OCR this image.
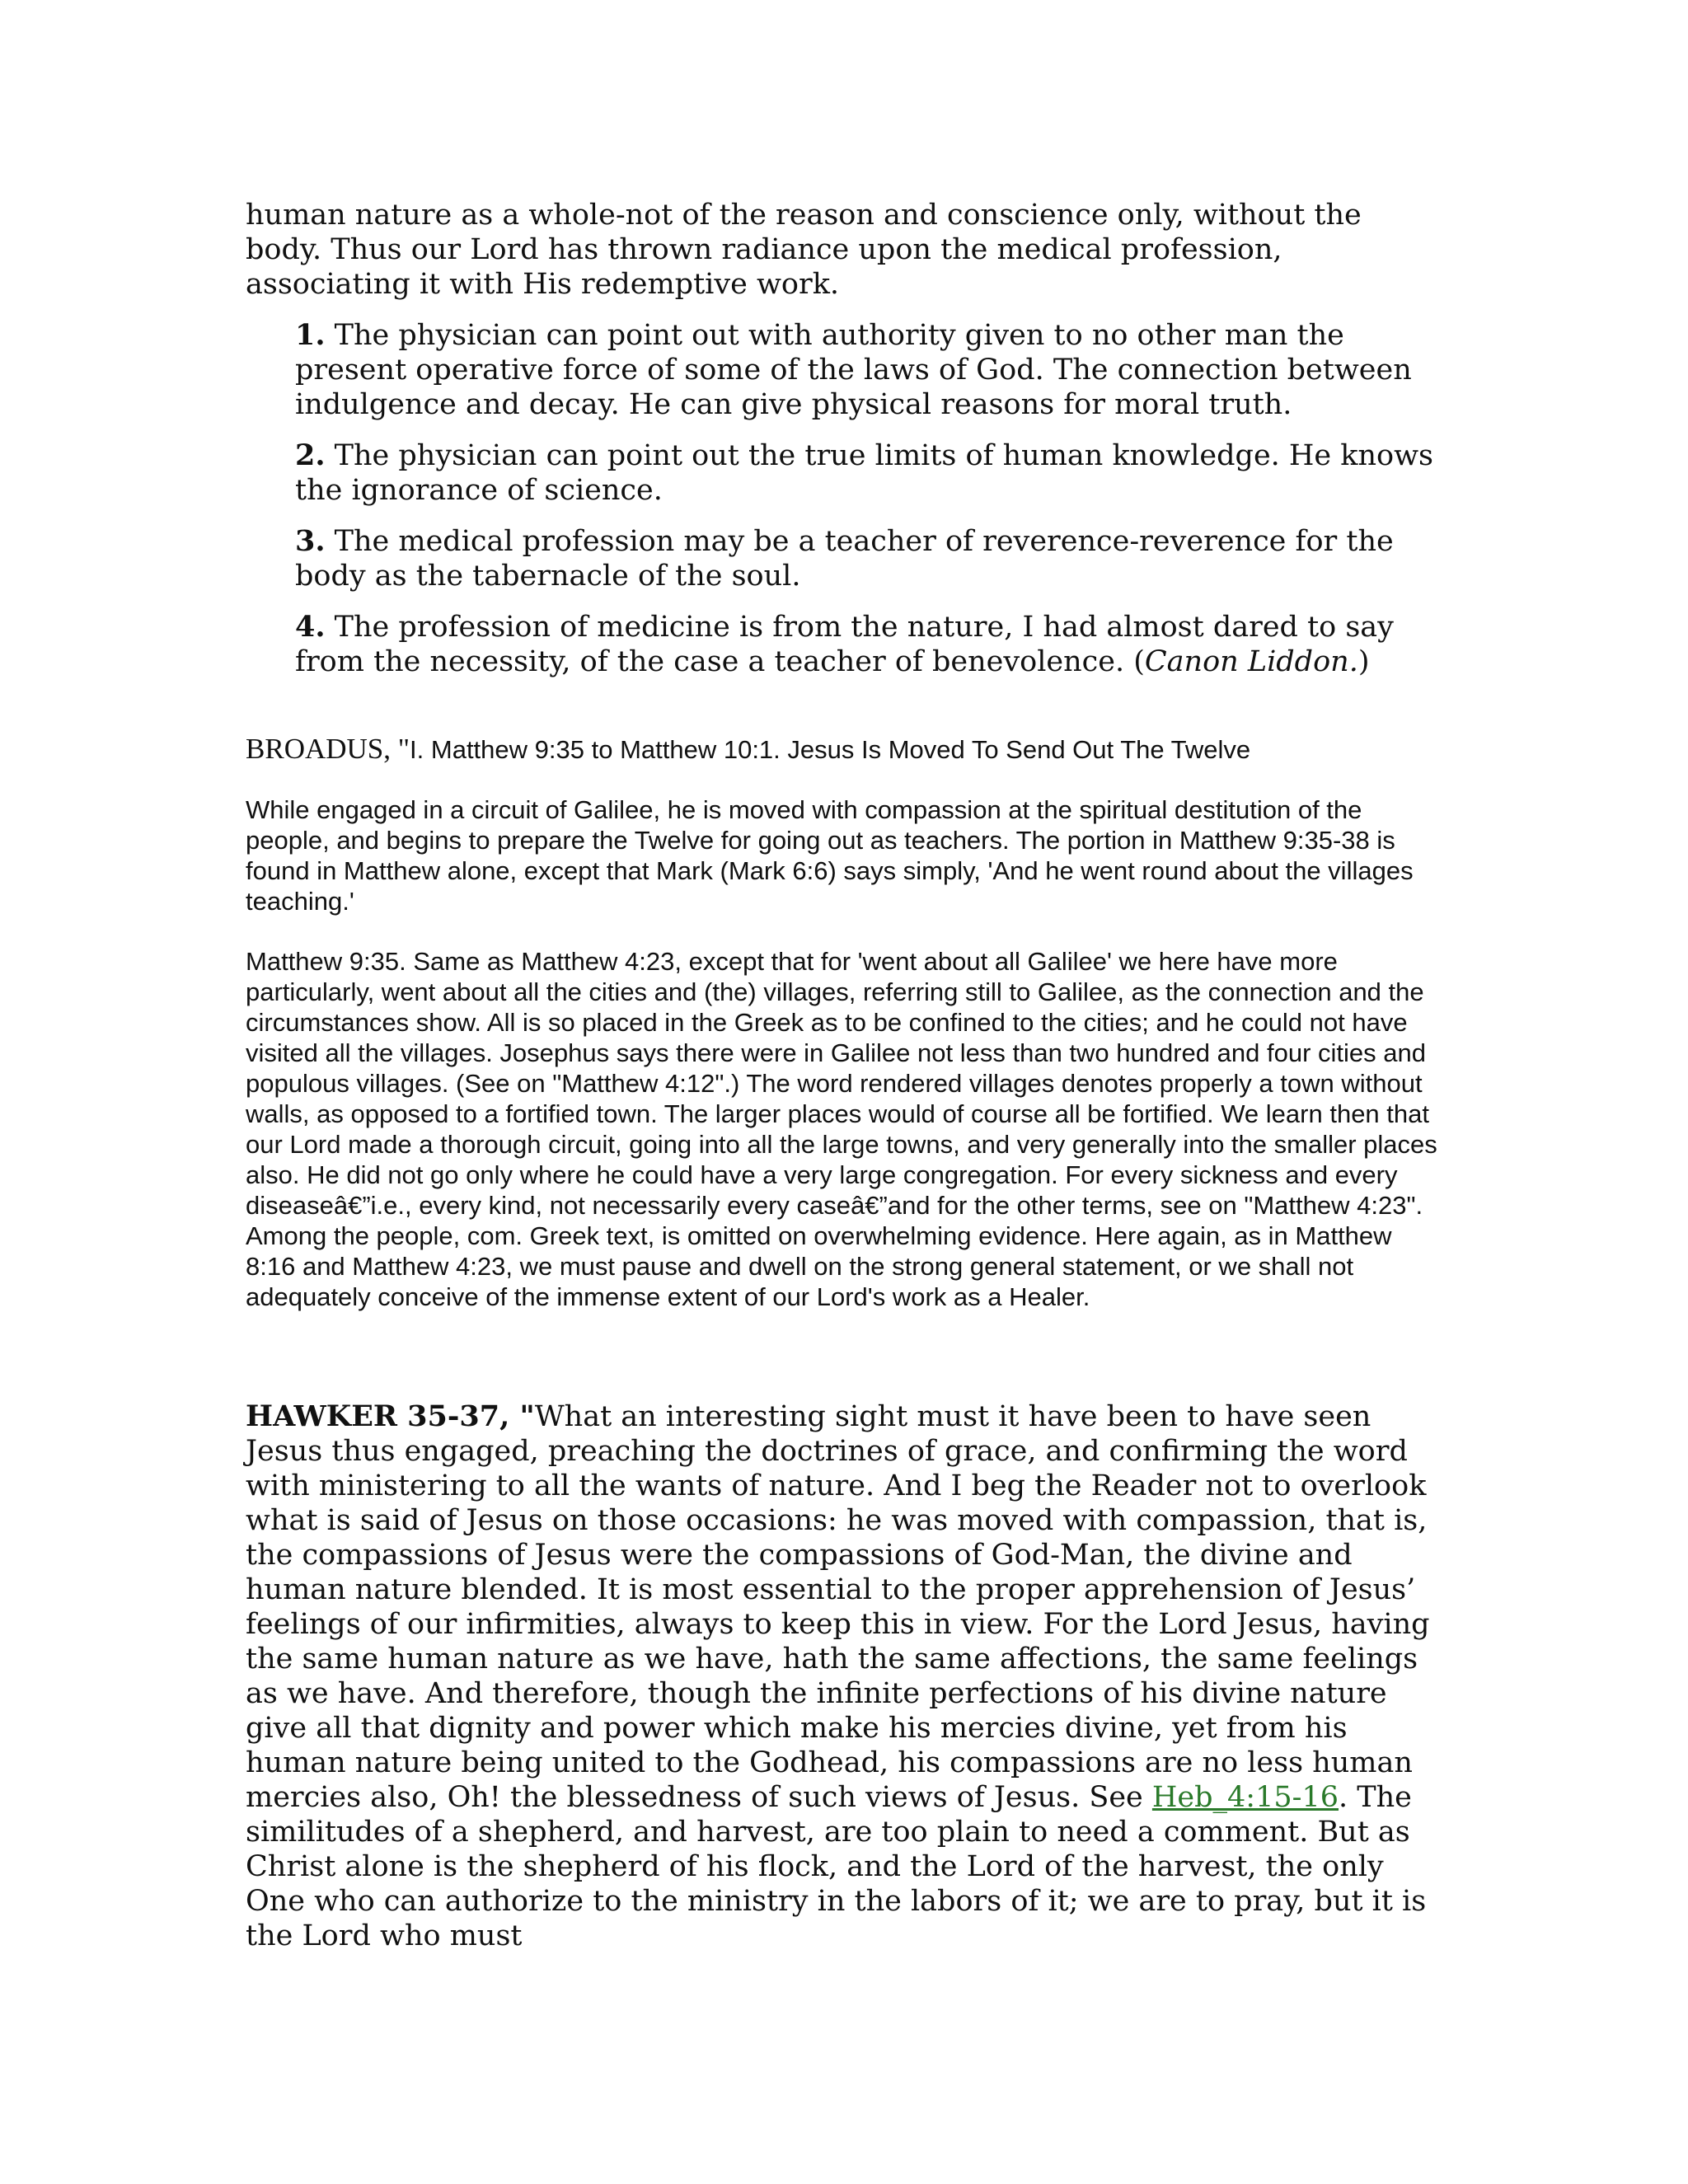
human nature as a whole-not of the reason and conscience only, without the body. Thus our Lord has thrown radiance upon the medical profession, associating it with His redemptive work.

1. The physician can point out with authority given to no other man the present operative force of some of the laws of God. The connection between indulgence and decay. He can give physical reasons for moral truth.

2. The physician can point out the true limits of human knowledge. He knows the ignorance of science.

3. The medical profession may be a teacher of reverence-reverence for the body as the tabernacle of the soul.

4. The profession of medicine is from the nature, I had almost dared to say from the necessity, of the case a teacher of benevolence. (Canon Liddon.)

BROADUS, "I. Matthew 9:35 to Matthew 10:1. Jesus Is Moved To Send Out The Twelve

While engaged in a circuit of Galilee, he is moved with compassion at the spiritual destitution of the people, and begins to prepare the Twelve for going out as teachers. The portion in Matthew 9:35-38 is found in Matthew alone, except that Mark (Mark 6:6) says simply, 'And he went round about the villages teaching.'

Matthew 9:35. Same as Matthew 4:23, except that for 'went about all Galilee' we here have more particularly, went about all the cities and (the) villages, referring still to Galilee, as the connection and the circumstances show. All is so placed in the Greek as to be confined to the cities; and he could not have visited all the villages. Josephus says there were in Galilee not less than two hundred and four cities and populous villages. (See on "Matthew 4:12".) The word rendered villages denotes properly a town without walls, as opposed to a fortified town. The larger places would of course all be fortified. We learn then that our Lord made a thorough circuit, going into all the large towns, and very generally into the smaller places also. He did not go only where he could have a very large congregation. For every sickness and every diseaseâ€”i.e., every kind, not necessarily every caseâ€”and for the other terms, see on "Matthew 4:23". Among the people, com. Greek text, is omitted on overwhelming evidence. Here again, as in Matthew 8:16 and Matthew 4:23, we must pause and dwell on the strong general statement, or we shall not adequately conceive of the immense extent of our Lord's work as a Healer.

HAWKER 35-37, "What an interesting sight must it have been to have seen Jesus thus engaged, preaching the doctrines of grace, and confirming the word with ministering to all the wants of nature. And I beg the Reader not to overlook what is said of Jesus on those occasions: he was moved with compassion, that is, the compassions of Jesus were the compassions of God-Man, the divine and human nature blended. It is most essential to the proper apprehension of Jesus’ feelings of our infirmities, always to keep this in view. For the Lord Jesus, having the same human nature as we have, hath the same affections, the same feelings as we have. And therefore, though the infinite perfections of his divine nature give all that dignity and power which make his mercies divine, yet from his human nature being united to the Godhead, his compassions are no less human mercies also, Oh! the blessedness of such views of Jesus. See Heb_4:15-16. The similitudes of a shepherd, and harvest, are too plain to need a comment. But as Christ alone is the shepherd of his flock, and the Lord of the harvest, the only One who can authorize to the ministry in the labors of it; we are to pray, but it is the Lord who must
